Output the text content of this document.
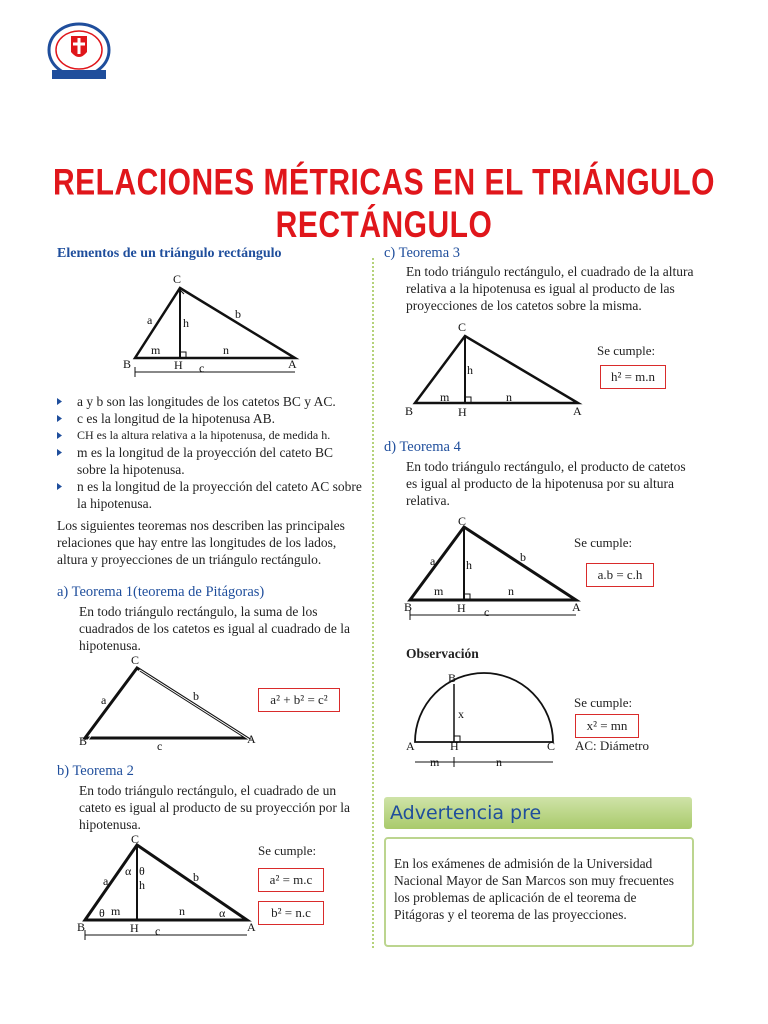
RELACIONES MÉTRICAS EN EL TRIÁNGULO RECTÁNGULO
Elementos de un triángulo rectángulo
C
B	A
H
a	b
h
m	n
c
a y b son las longitudes de los catetos BC y AC.
c es la longitud de la hipotenusa AB.
CH es la altura relativa a la hipotenusa, de medida h.
m es la longitud de la proyección del cateto BC sobre la hipotenusa.
n es la longitud de la proyección del cateto AC sobre la hipotenusa.
Los siguientes teoremas nos describen las principales relaciones que hay entre las longitudes de los lados, altura y proyecciones de un triángulo rectángulo.
a) Teorema 1(teorema de Pitágoras)
En todo triángulo rectángulo, la suma de los cuadrados de los catetos es igual al cuadrado de la hipotenusa.
C
B	A
a	b
c
a² + b² = c²
b) Teorema 2
En todo triángulo rectángulo, el cuadrado de un cateto es igual al producto de su proyección por la hipotenusa.
C
B	A
H
a	b
h
m	n
c
α θ
θ	α
Se cumple:
a² = m.c
b² = n.c
c) Teorema 3
En todo triángulo rectángulo, el cuadrado de la altura relativa a la hipotenusa es igual al producto de las proyecciones de los catetos sobre la misma.
C
B	A
H
h
m	n
Se cumple:
h² = m.n
d) Teorema 4
En todo triángulo rectángulo, el producto de catetos es igual al producto de la hipotenusa por su altura relativa.
C
B	A
H
a	b
h
m	n
c
Se cumple:
a.b = c.h
Observación
B
A	C
H
x
m	n
Se cumple:
x² = mn
AC: Diámetro
Advertencia pre
En los exámenes de admisión de la Universidad Nacional Mayor de San Marcos son muy frecuentes los problemas de aplicación de el teorema de Pitágoras y el teorema de las proyecciones.
